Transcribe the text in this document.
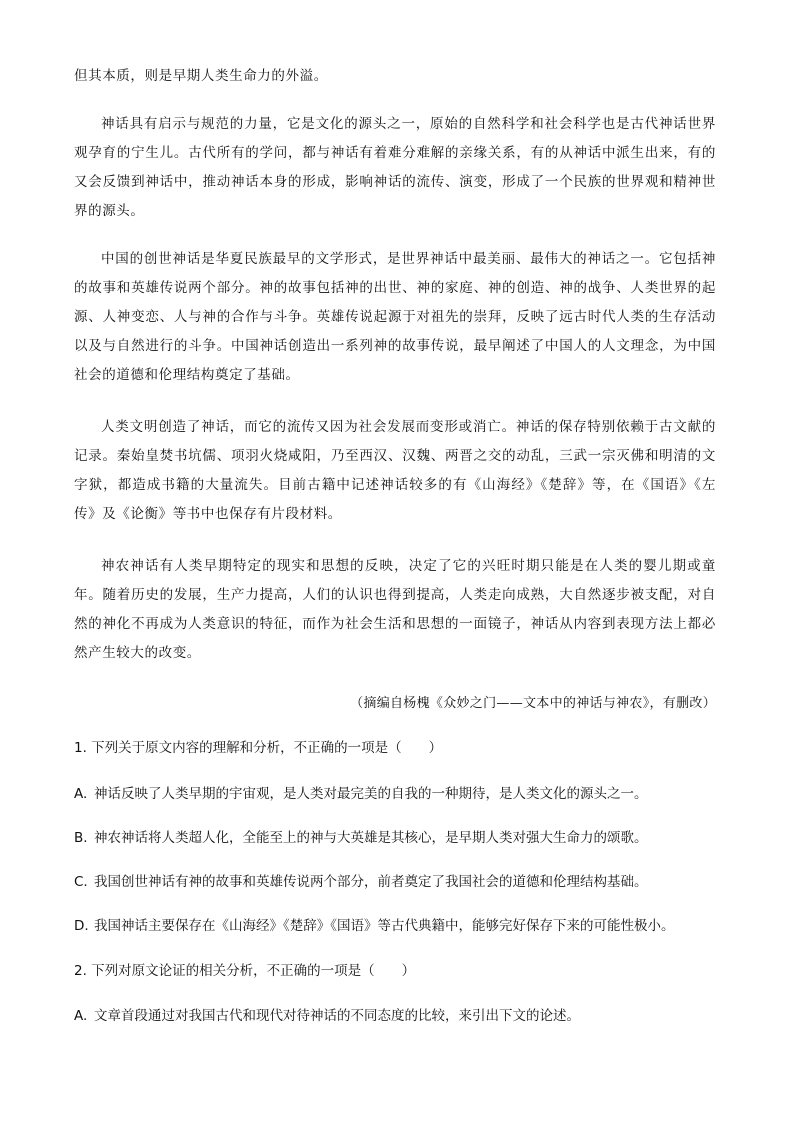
但其本质，则是早期人类生命力的外溢。

神话具有启示与规范的力量，它是文化的源头之一，原始的自然科学和社会科学也是古代神话世界观孕育的宁生儿。古代所有的学问，都与神话有着难分难解的亲缘关系，有的从神话中派生出来，有的又会反馈到神话中，推动神话本身的形成，影响神话的流传、演变，形成了一个民族的世界观和精神世界的源头。

中国的创世神话是华夏民族最早的文学形式，是世界神话中最美丽、最伟大的神话之一。它包括神的故事和英雄传说两个部分。神的故事包括神的出世、神的家庭、神的创造、神的战争、人类世界的起源、人神变恋、人与神的合作与斗争。英雄传说起源于对祖先的崇拜，反映了远古时代人类的生存活动以及与自然进行的斗争。中国神话创造出一系列神的故事传说，最早阐述了中国人的人文理念，为中国社会的道德和伦理结构奠定了基础。

人类文明创造了神话，而它的流传又因为社会发展而变形或消亡。神话的保存特别依赖于古文献的记录。秦始皇焚书坑儒、项羽火烧咸阳，乃至西汉、汉魏、两晋之交的动乱，三武一宗灭佛和明清的文字狱，都造成书籍的大量流失。目前古籍中记述神话较多的有《山海经》《楚辞》等，在《国语》《左传》及《论衡》等书中也保存有片段材料。

神农神话有人类早期特定的现实和思想的反映，决定了它的兴旺时期只能是在人类的婴儿期或童年。随着历史的发展，生产力提高，人们的认识也得到提高，人类走向成熟，大自然逐步被支配，对自然的神化不再成为人类意识的特征，而作为社会生活和思想的一面镜子，神话从内容到表现方法上都必然产生较大的改变。

（摘编自杨槐《众妙之门——文本中的神话与神农》，有删改）

1. 下列关于原文内容的理解和分析，不正确的一项是（　　）

A. 神话反映了人类早期的宇宙观，是人类对最完美的自我的一种期待，是人类文化的源头之一。

B. 神农神话将人类超人化，全能至上的神与大英雄是其核心，是早期人类对强大生命力的颂歌。

C. 我国创世神话有神的故事和英雄传说两个部分，前者奠定了我国社会的道德和伦理结构基础。

D. 我国神话主要保存在《山海经》《楚辞》《国语》等古代典籍中，能够完好保存下来的可能性极小。

2. 下列对原文论证的相关分析，不正确的一项是（　　）

A. 文章首段通过对我国古代和现代对待神话的不同态度的比较，来引出下文的论述。
